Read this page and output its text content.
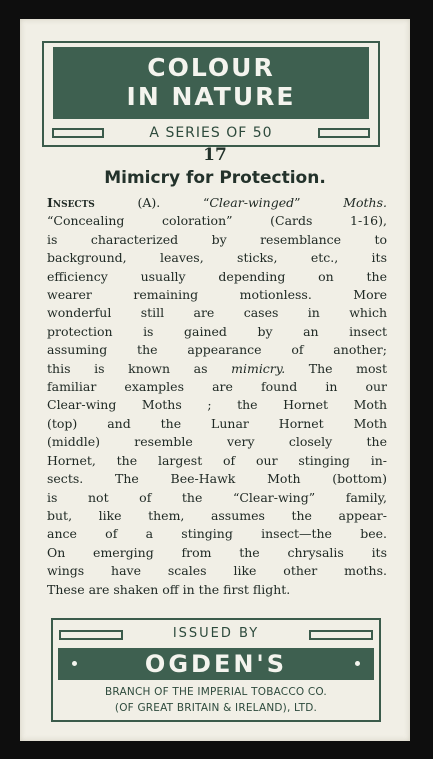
COLOUR
IN NATURE
A SERIES OF 50
17
Mimicry for Protection.
Insects (A). “Clear-winged” Moths.
“Concealing coloration” (Cards 1-16),
is characterized by resemblance to
background, leaves, sticks, etc., its
efficiency usually depending on the
wearer remaining motionless. More
wonderful still are cases in which
protection is gained by an insect
assuming the appearance of another;
this is known as mimicry. The most
familiar examples are found in our
Clear-wing Moths ; the Hornet Moth
(top) and the Lunar Hornet Moth
(middle) resemble very closely the
Hornet, the largest of our stinging in-
sects. The Bee-Hawk Moth (bottom)
is not of the “Clear-wing” family,
but, like them, assumes the appear-
ance of a stinging insect—the bee.
On emerging from the chrysalis its
wings have scales like other moths.
These are shaken off in the first flight.
ISSUED BY
OGDEN'S
BRANCH OF THE IMPERIAL TOBACCO CO.
(OF GREAT BRITAIN & IRELAND), LTD.
